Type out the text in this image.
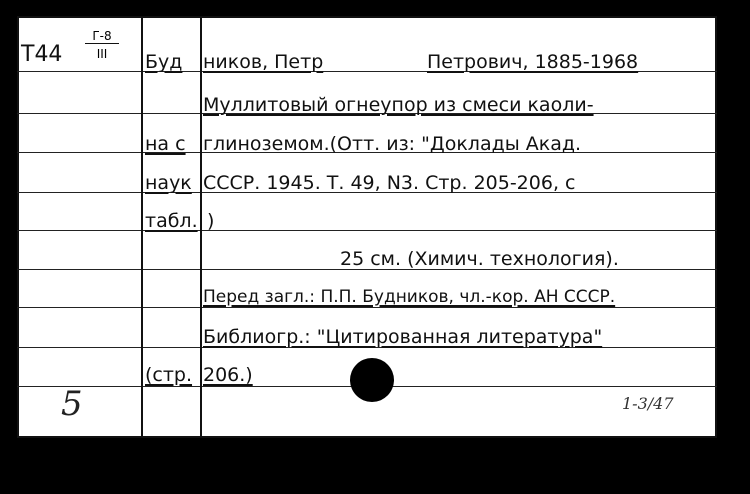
T44
Г-8
III	Буд ников, Петр	Петрович, 1885-1968
Муллитовый огнеупор из смеси каоли-
на с глиноземом.(Отт. из: "Доклады Акад.
наук СССР. 1945. Т. 49, N3. Стр. 205-206, с
табл. )
25 см. (Химич. технология).
Перед загл.: П.П. Будников, чл.-кор. АН СССР.
Библиогр.: "Цитированная литература"
(стр. 206.)
5	1-3/47
